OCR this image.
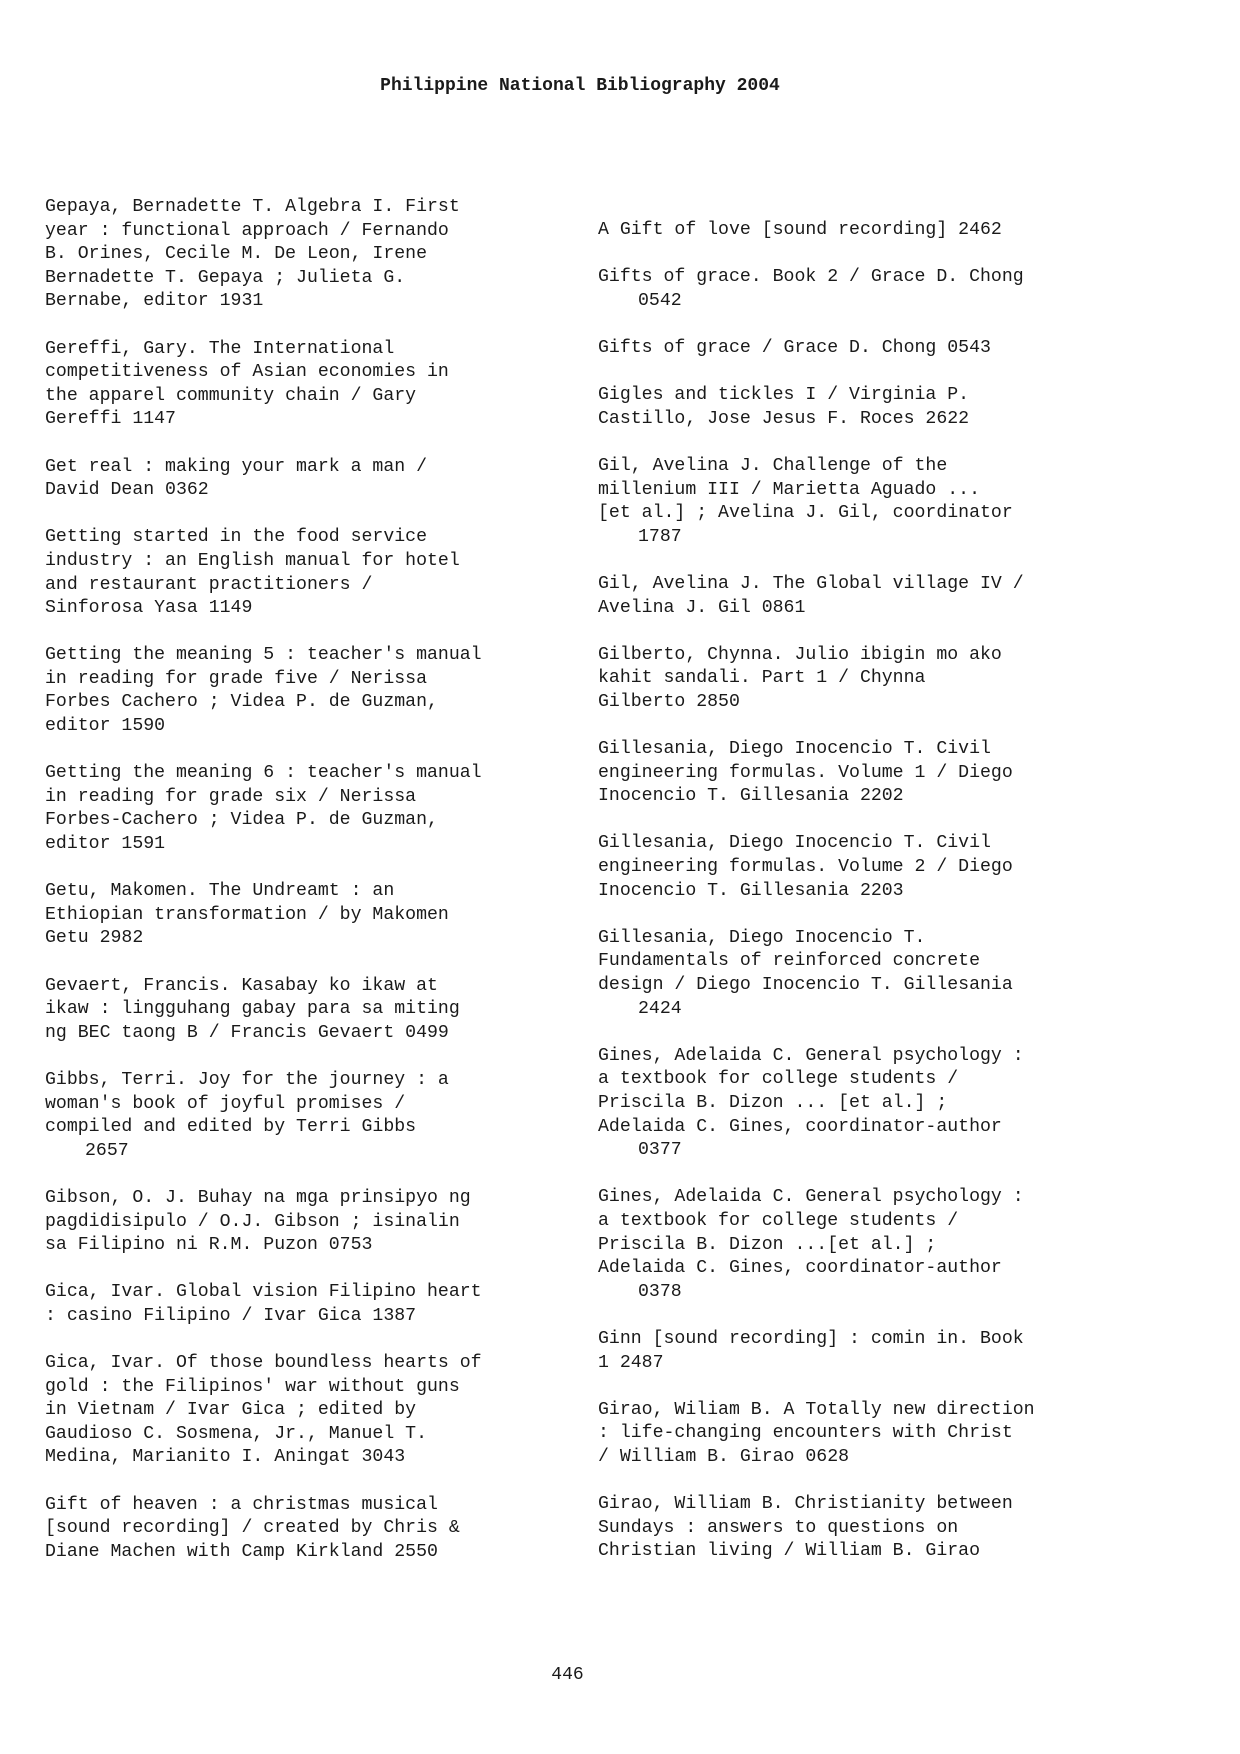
Philippine National Bibliography 2004
Gepaya, Bernadette T. Algebra I. First
year : functional approach / Fernando
B. Orines, Cecile M. De Leon, Irene
Bernadette T. Gepaya ; Julieta G.
Bernabe, editor 1931
Gereffi, Gary. The International
competitiveness of Asian economies in
the apparel community chain / Gary
Gereffi 1147
Get real : making your mark a man /
David Dean 0362
Getting started in the food service
industry : an English manual for hotel
and restaurant practitioners /
Sinforosa Yasa 1149
Getting the meaning 5 : teacher's manual
in reading for grade five / Nerissa
Forbes Cachero ; Videa P. de Guzman,
editor 1590
Getting the meaning 6 : teacher's manual
in reading for grade six / Nerissa
Forbes-Cachero ; Videa P. de Guzman,
editor 1591
Getu, Makomen. The Undreamt : an
Ethiopian transformation / by Makomen
Getu 2982
Gevaert, Francis. Kasabay ko ikaw at
ikaw : lingguhang gabay para sa miting
ng BEC taong B / Francis Gevaert 0499
Gibbs, Terri. Joy for the journey : a
woman's book of joyful promises /
compiled and edited by Terri Gibbs
2657
Gibson, O. J. Buhay na mga prinsipyo ng
pagdidisipulo / O.J. Gibson ; isinalin
sa Filipino ni R.M. Puzon 0753
Gica, Ivar. Global vision Filipino heart
: casino Filipino / Ivar Gica 1387
Gica, Ivar. Of those boundless hearts of
gold : the Filipinos' war without guns
in Vietnam / Ivar Gica ; edited by
Gaudioso C. Sosmena, Jr., Manuel T.
Medina, Marianito I. Aningat 3043
Gift of heaven : a christmas musical
[sound recording] / created by Chris &
Diane Machen with Camp Kirkland 2550
A Gift of love [sound recording] 2462
Gifts of grace. Book 2 / Grace D. Chong
0542
Gifts of grace / Grace D. Chong 0543
Gigles and tickles I / Virginia P.
Castillo, Jose Jesus F. Roces 2622
Gil, Avelina J. Challenge of the
millenium III / Marietta Aguado ...
[et al.] ; Avelina J. Gil, coordinator
1787
Gil, Avelina J. The Global village IV /
Avelina J. Gil 0861
Gilberto, Chynna. Julio ibigin mo ako
kahit sandali. Part 1 / Chynna
Gilberto 2850
Gillesania, Diego Inocencio T. Civil
engineering formulas. Volume 1 / Diego
Inocencio T. Gillesania 2202
Gillesania, Diego Inocencio T. Civil
engineering formulas. Volume 2 / Diego
Inocencio T. Gillesania 2203
Gillesania, Diego Inocencio T.
Fundamentals of reinforced concrete
design / Diego Inocencio T. Gillesania
2424
Gines, Adelaida C. General psychology :
a textbook for college students /
Priscila B. Dizon ... [et al.] ;
Adelaida C. Gines, coordinator-author
0377
Gines, Adelaida C. General psychology :
a textbook for college students /
Priscila B. Dizon ...[et al.] ;
Adelaida C. Gines, coordinator-author
0378
Ginn [sound recording] : comin in. Book
1 2487
Girao, Wiliam B. A Totally new direction
: life-changing encounters with Christ
/ William B. Girao 0628
Girao, William B. Christianity between
Sundays : answers to questions on
Christian living / William B. Girao
446
